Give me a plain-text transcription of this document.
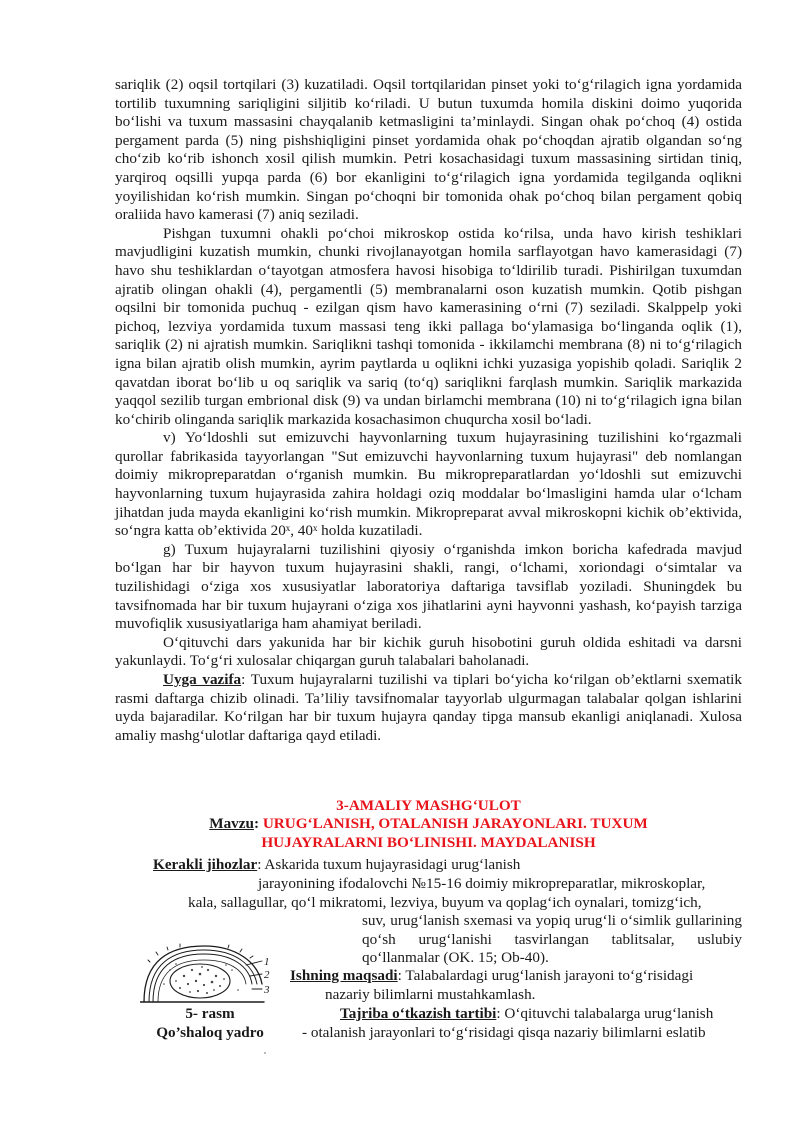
sariqlik (2) oqsil tortqilari (3) kuzatiladi. Oqsil tortqilaridan pinset yoki to‘g‘rilagich igna yordamida tortilib tuxumning sariqligini siljitib ko‘riladi. U butun tuxumda homila diskini doimo yuqorida bo‘lishi va tuxum massasini chayqalanib ketmasligini ta’minlaydi. Singan ohak po‘choq (4) ostida pergament parda (5) ning pishshiqligini pinset yordamida ohak po‘choqdan ajratib olgandan so‘ng cho‘zib ko‘rib ishonch xosil qilish mumkin. Petri kosachasidagi tuxum massasining sirtidan tiniq, yarqiroq oqsilli yupqa parda (6) bor ekanligini to‘g‘rilagich igna yordamida tegilganda oqlikni yoyilishidan ko‘rish mumkin. Singan po‘choqni bir tomonida ohak po‘choq bilan pergament qobiq oraliida havo kamerasi (7) aniq seziladi.

Pishgan tuxumni ohakli po‘choi mikroskop ostida ko‘rilsa, unda havo kirish teshiklari mavjudligini kuzatish mumkin, chunki rivojlanayotgan homila sarflayotgan havo kamerasidagi (7) havo shu teshiklardan o‘tayotgan atmosfera havosi hisobiga to‘ldirilib turadi. Pishirilgan tuxumdan ajratib olingan ohakli (4), pergamentli (5) membranalarni oson kuzatish mumkin. Qotib pishgan oqsilni bir tomonida puchuq - ezilgan qism havo kamerasining o‘rni (7) seziladi. Skalppelp yoki pichoq, lezviya yordamida tuxum massasi teng ikki pallaga bo‘ylamasiga bo‘linganda oqlik (1), sariqlik (2) ni ajratish mumkin. Sariqlikni tashqi tomonida - ikkilamchi membrana (8) ni to‘g‘rilagich igna bilan ajratib olish mumkin, ayrim paytlarda u oqlikni ichki yuzasiga yopishib qoladi. Sariqlik 2 qavatdan iborat bo‘lib u oq sariqlik va sariq (to‘q) sariqlikni farqlash mumkin. Sariqlik markazida yaqqol sezilib turgan embrional disk (9) va undan birlamchi membrana (10) ni to‘g‘rilagich igna bilan ko‘chirib olinganda sariqlik markazida kosachasimon chuqurcha xosil bo‘ladi.

v) Yo‘ldoshli sut emizuvchi hayvonlarning tuxum hujayrasining tuzilishini ko‘rgazmali qurollar fabrikasida tayyorlangan "Sut emizuvchi hayvonlarning tuxum hujayrasi" deb nomlangan doimiy mikropreparatdan o‘rganish mumkin. Bu mikropreparatlardan yo‘ldoshli sut emizuvchi hayvonlarning tuxum hujayrasida zahira holdagi oziq moddalar bo‘lmasligini hamda ular o‘lcham jihatdan juda mayda ekanligini ko‘rish mumkin. Mikropreparat avval mikroskopni kichik ob’ektivida, so‘ngra katta ob’ektivida 20ˣ, 40ˣ holda kuzatiladi.

g) Tuxum hujayralarni tuzilishini qiyosiy o‘rganishda imkon boricha kafedrada mavjud bo‘lgan har bir hayvon tuxum hujayrasini shakli, rangi, o‘lchami, xoriondagi o‘simtalar va tuzilishidagi o‘ziga xos xususiyatlar laboratoriya daftariga tavsiflab yoziladi. Shuningdek bu tavsifnomada har bir tuxum hujayrani o‘ziga xos jihatlarini ayni hayvonni yashash, ko‘payish tarziga muvofiqlik xususiyatlariga ham ahamiyat beriladi.

O‘qituvchi dars yakunida har bir kichik guruh hisobotini guruh oldida eshitadi va darsni yakunlaydi. To‘g‘ri xulosalar chiqargan guruh talabalari baholanadi.

Uyga vazifa: Tuxum hujayralarni tuzilishi va tiplari bo‘yicha ko‘rilgan ob’ektlarni sxematik rasmi daftarga chizib olinadi. Ta’liliy tavsifnomalar tayyorlab ulgurmagan talabalar qolgan ishlarini uyda bajaradilar. Ko‘rilgan har bir tuxum hujayra qanday tipga mansub ekanligi aniqlanadi. Xulosa amaliy mashg‘ulotlar daftariga qayd etiladi.

3-AMALIY MASHG‘ULOT
Mavzu: URUG‘LANISH, OTALANISH JARAYONLARI. TUXUM
HUJAYRALARNI BO‘LINISHI. MAYDALANISH
Kerakli jihozlar: Askarida tuxum hujayrasidagi urug‘lanish
jarayonining ifodalovchi №15-16 doimiy mikropreparatlar, mikroskoplar,
kala, sallagullar, qo‘l mikratomi, lezviya, buyum va qoplag‘ich oynalari, tomizg‘ich,
suv, urug‘lanish sxemasi va yopiq urug‘li o‘simlik gullarining qo‘sh urug‘lanishi tasvirlangan tablitsalar, uslubiy qo‘llanmalar (OK. 15; Ob-40).
Ishning maqsadi: Talabalardagi urug‘lanish jarayoni to‘g‘risidagi
nazariy bilimlarni mustahkamlash.
Tajriba o‘tkazish tartibi: O‘qituvchi talabalarga urug‘lanish
- otalanish jarayonlari to‘g‘risidagi qisqa nazariy bilimlarni eslatib
1
2
3
5- rasm
Qo’shaloq yadro
